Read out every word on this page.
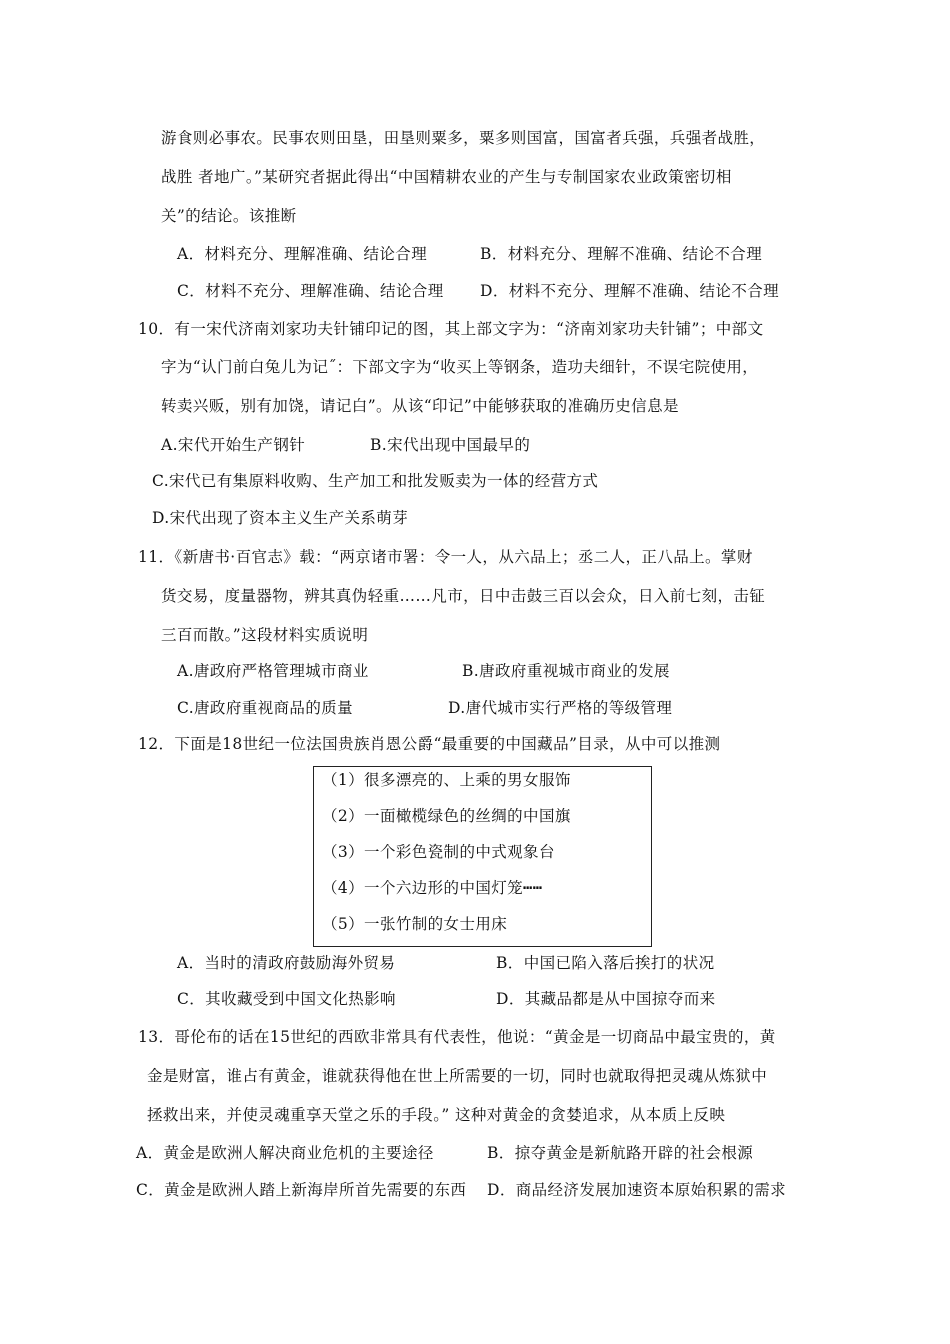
游食则必事农。民事农则田垦，田垦则粟多，粟多则国富，国富者兵强，兵强者战胜，
战胜 者地广。”某研究者据此得出“中国精耕农业的产生与专制国家农业政策密切相
关”的结论。该推断
A．材料充分、理解准确、结论合理	B．材料充分、理解不准确、结论不合理
C．材料不充分、理解准确、结论合理 D．材料不充分、理解不准确、结论不合理
10．有一宋代济南刘家功夫针铺印记的图，其上部文字为：“济南刘家功夫针铺”；中部文
字为“认门前白兔儿为记˝：下部文字为“收买上等钢条，造功夫细针，不误宅院使用，
转卖兴贩，别有加饶，请记白”。从该“印记”中能够获取的准确历史信息是
A.宋代开始生产钢针	B.宋代出现中国最早的
C.宋代已有集原料收购、生产加工和批发贩卖为一体的经营方式
D.宋代出现了资本主义生产关系萌芽
11．《新唐书·百官志》载：“两京诸市署：令一人，从六品上；丞二人，正八品上。掌财
货交易，度量器物，辨其真伪轻重……凡市，日中击鼓三百以会众，日入前七刻，击钲
三百而散。”这段材料实质说明
A.唐政府严格管理城市商业	B.唐政府重视城市商业的发展
C.唐政府重视商品的质量	D.唐代城市实行严格的等级管理
12．下面是18世纪一位法国贵族肖恩公爵“最重要的中国藏品”目录，从中可以推测
（1）很多漂亮的、上乘的男女服饰
（2）一面橄榄绿色的丝绸的中国旗
（3）一个彩色瓷制的中式观象台
（4）一个六边形的中国灯笼┅┅
（5）一张竹制的女士用床
A．当时的清政府鼓励海外贸易	B．中国已陷入落后挨打的状况
C．其收藏受到中国文化热影响	D．其藏品都是从中国掠夺而来
13．哥伦布的话在15世纪的西欧非常具有代表性，他说：“黄金是一切商品中最宝贵的，黄
金是财富，谁占有黄金，谁就获得他在世上所需要的一切，同时也就取得把灵魂从炼狱中
拯救出来，并使灵魂重享天堂之乐的手段。” 这种对黄金的贪婪追求，从本质上反映
A．黄金是欧洲人解决商业危机的主要途径	B．掠夺黄金是新航路开辟的社会根源
C．黄金是欧洲人踏上新海岸所首先需要的东西 D．商品经济发展加速资本原始积累的需求
